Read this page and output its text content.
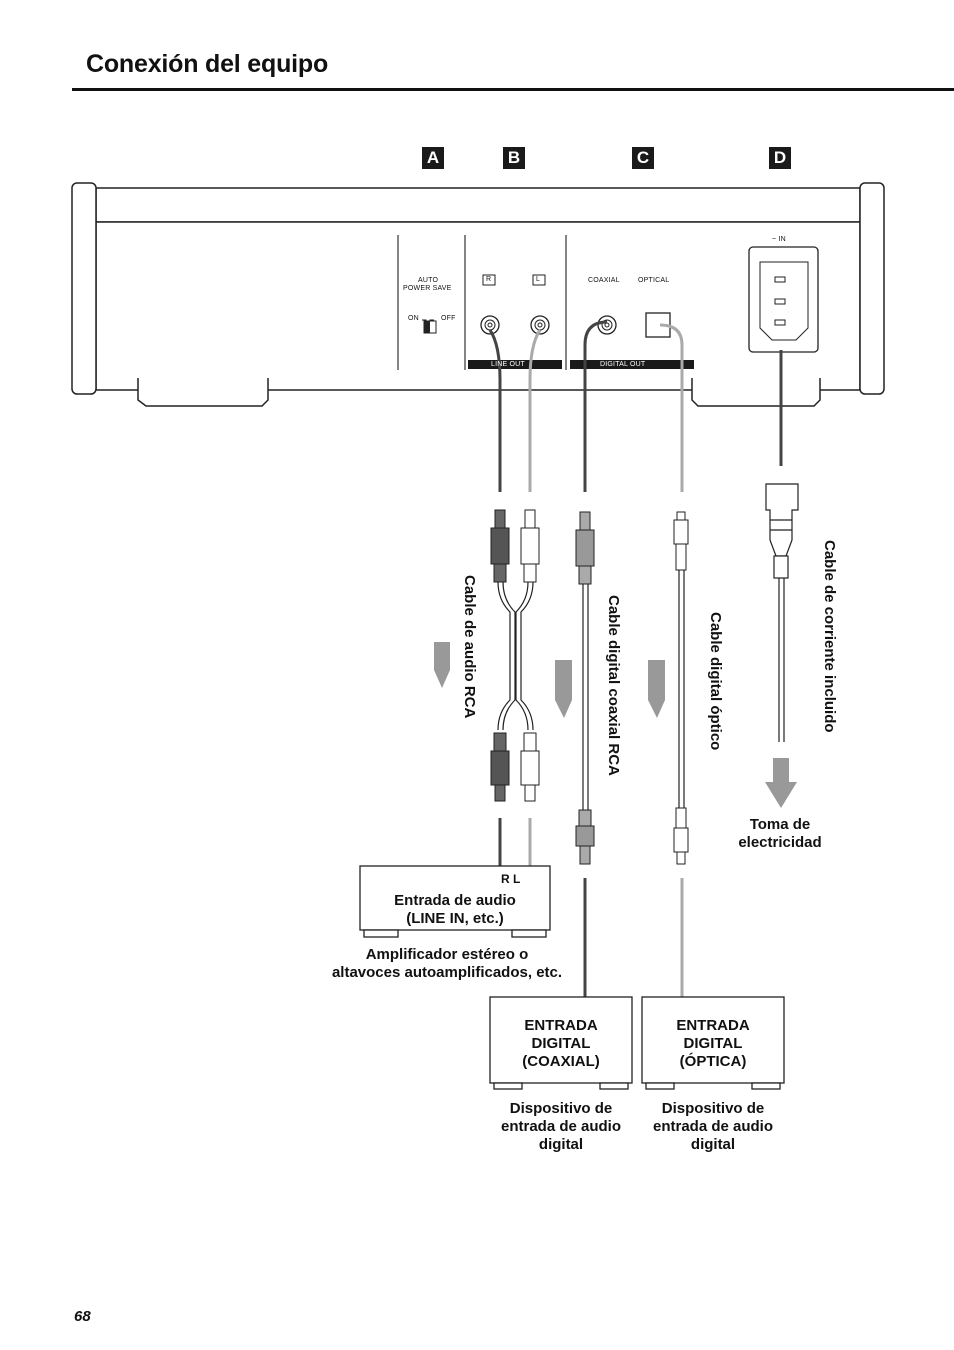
Conexión del equipo
A	B	C	D
AUTO
POWER SAVE
ON	OFF
R	L	COAXIAL	OPTICAL
LINE OUT	DIGITAL OUT
~ IN
Cable de audio RCA	Cable digital coaxial RCA	Cable digital óptico	Cable de corriente incluido
Toma de
electricidad
R L
Entrada de audio
(LINE IN, etc.)
Amplificador estéreo o
altavoces autoamplificados, etc.
ENTRADA
DIGITAL
(COAXIAL)
Dispositivo de
entrada de audio
digital
ENTRADA
DIGITAL
(ÓPTICA)
Dispositivo de
entrada de audio
digital
68
